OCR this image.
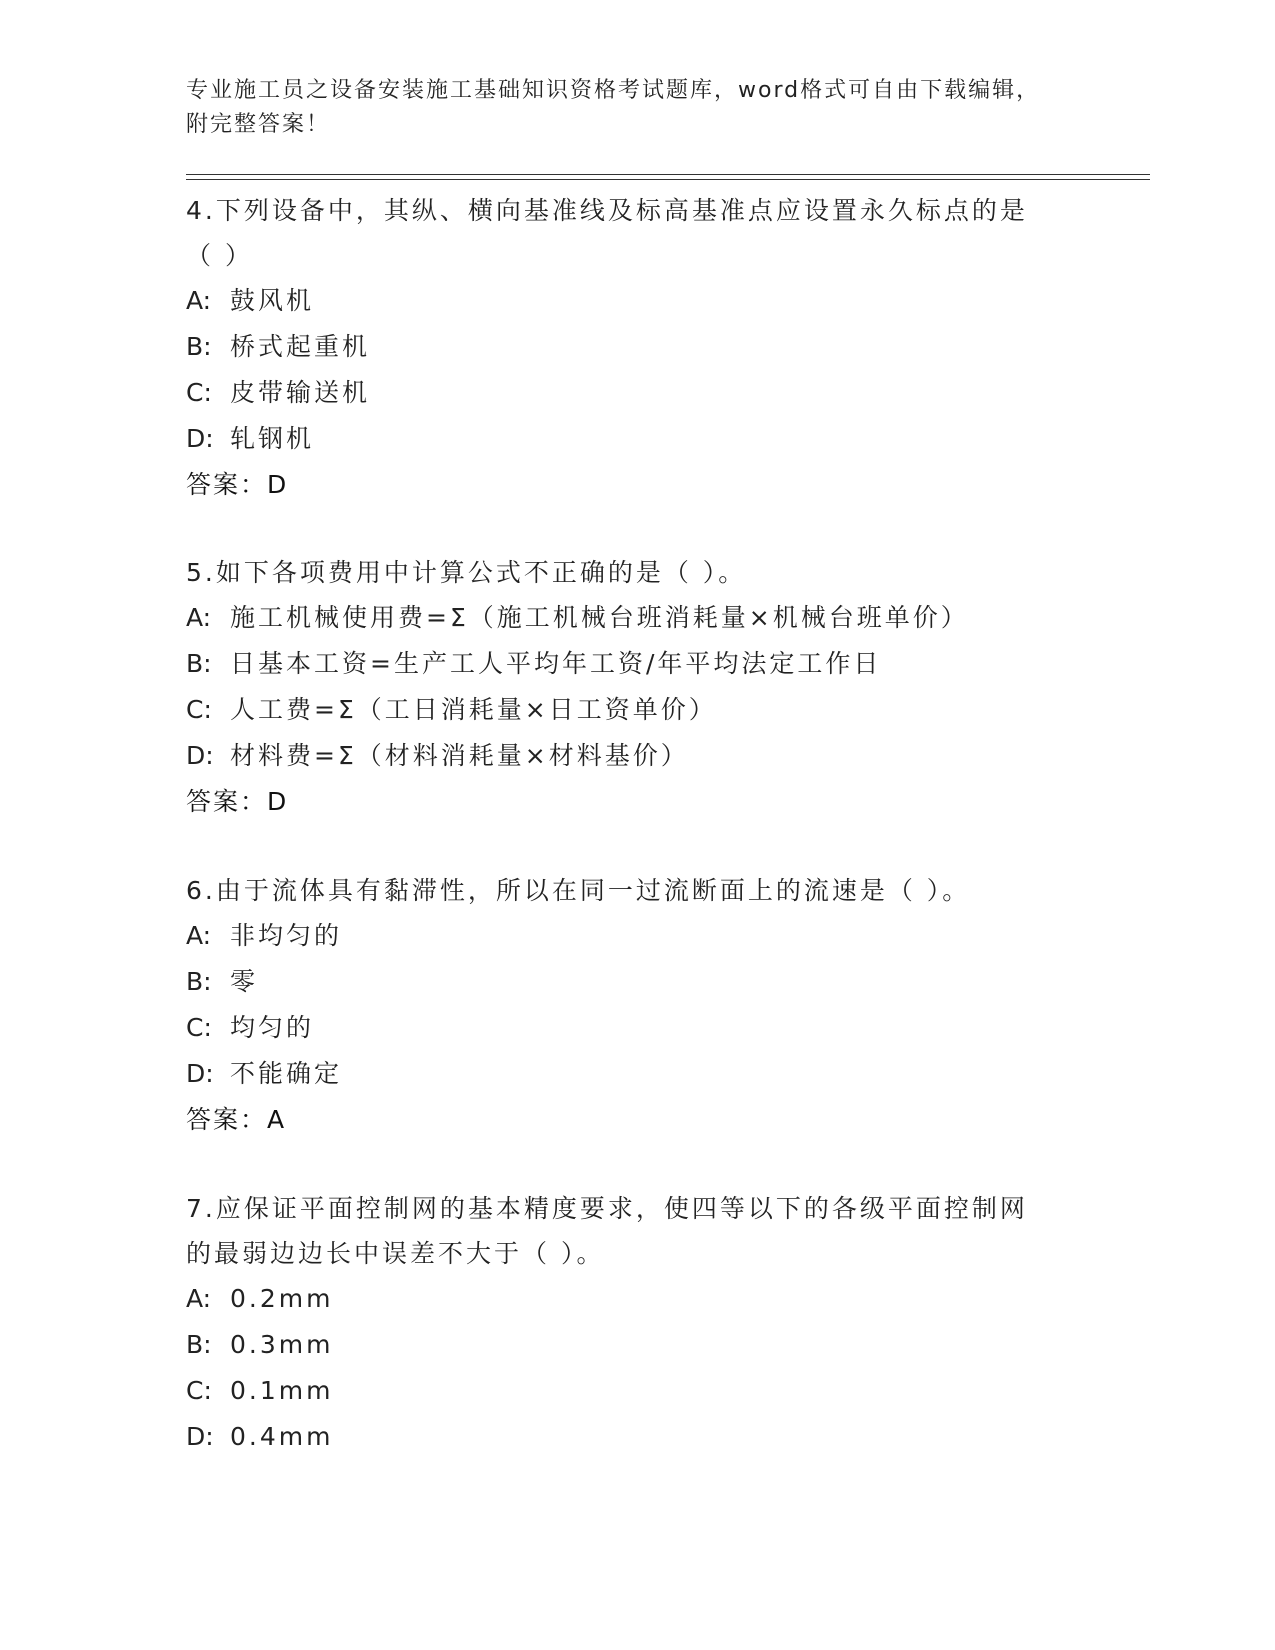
专业施工员之设备安装施工基础知识资格考试题库，word格式可自由下载编辑，
附完整答案！
4.下列设备中，其纵、横向基准线及标高基准点应设置永久标点的是
（ ）
A: 鼓风机
B: 桥式起重机
C: 皮带输送机
D: 轧钢机
答案：D
5.如下各项费用中计算公式不正确的是（ ）。
A: 施工机械使用费=Σ（施工机械台班消耗量×机械台班单价）
B: 日基本工资=生产工人平均年工资/年平均法定工作日
C: 人工费=Σ（工日消耗量×日工资单价）
D: 材料费=Σ（材料消耗量×材料基价）
答案：D
6.由于流体具有黏滞性，所以在同一过流断面上的流速是（ ）。
A: 非均匀的
B: 零
C: 均匀的
D: 不能确定
答案：A
7.应保证平面控制网的基本精度要求，使四等以下的各级平面控制网
的最弱边边长中误差不大于（ ）。
A: 0.2mm
B: 0.3mm
C: 0.1mm
D: 0.4mm
